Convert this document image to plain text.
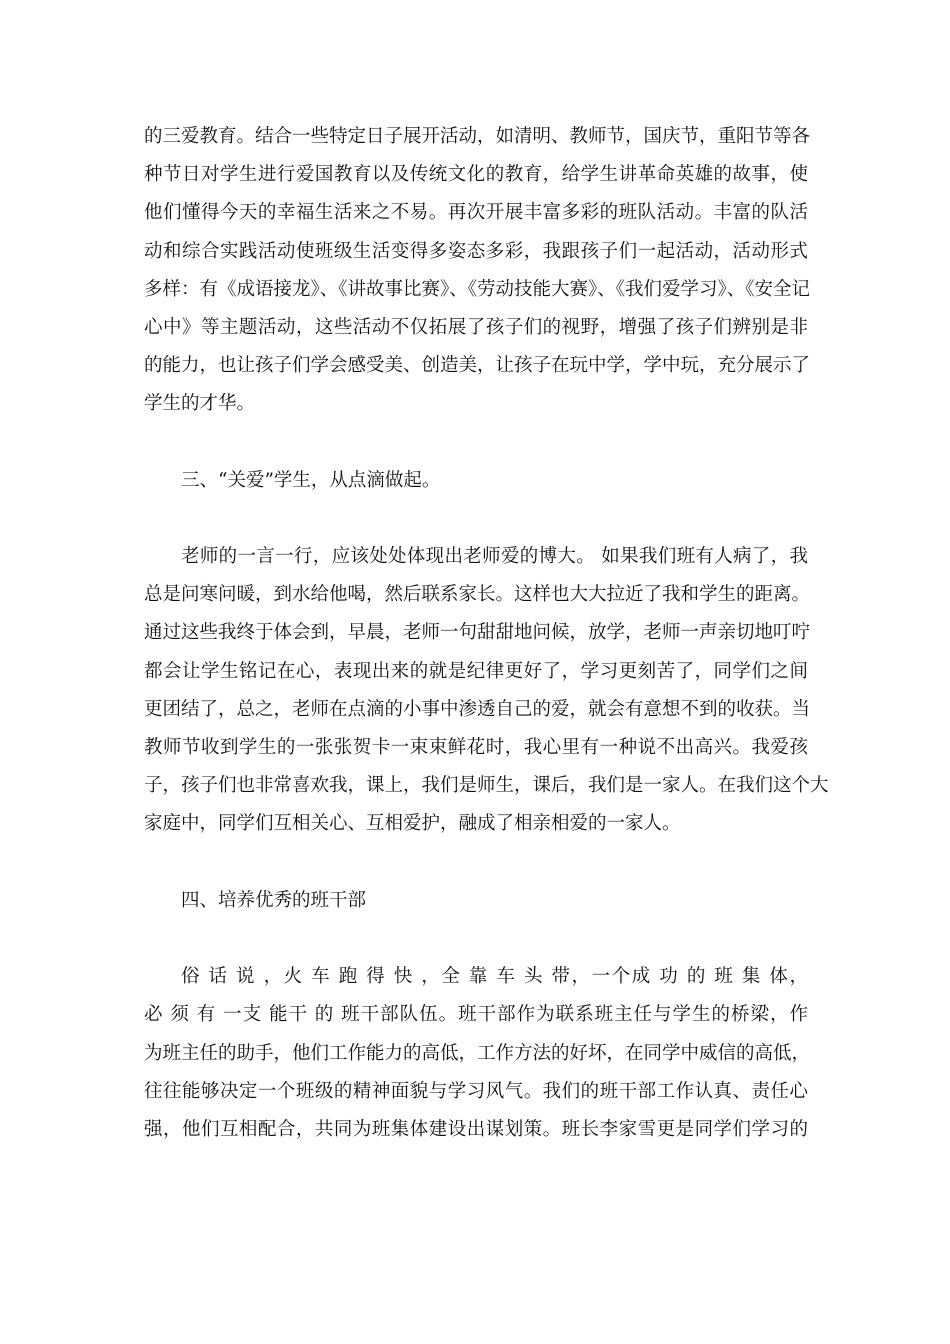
的三爱教育。结合一些特定日子展开活动，如清明、教师节，国庆节，重阳节等各
种节日对学生进行爱国教育以及传统文化的教育，给学生讲革命英雄的故事，使
他们懂得今天的幸福生活来之不易。再次开展丰富多彩的班队活动。丰富的队活
动和综合实践活动使班级生活变得多姿态多彩，我跟孩子们一起活动，活动形式
多样：有《成语接龙》、《讲故事比赛》、《劳动技能大赛》、《我们爱学习》、《安全记
心中》等主题活动，这些活动不仅拓展了孩子们的视野，增强了孩子们辨别是非
的能力，也让孩子们学会感受美、创造美，让孩子在玩中学，学中玩，充分展示了
学生的才华。
三、“关爱”学生，从点滴做起。
老师的一言一行，应该处处体现出老师爱的博大。 如果我们班有人病了，我
总是问寒问暖，到水给他喝，然后联系家长。这样也大大拉近了我和学生的距离。
通过这些我终于体会到，早晨，老师一句甜甜地问候，放学，老师一声亲切地叮咛
都会让学生铭记在心，表现出来的就是纪律更好了，学习更刻苦了，同学们之间
更团结了，总之，老师在点滴的小事中渗透自己的爱，就会有意想不到的收获。当
教师节收到学生的一张张贺卡一束束鲜花时，我心里有一种说不出高兴。我爱孩
子，孩子们也非常喜欢我，课上，我们是师生，课后，我们是一家人。在我们这个大
家庭中，同学们互相关心、互相爱护，融成了相亲相爱的一家人。
四、培养优秀的班干部
俗 话 说 ，火 车 跑 得 快 ，全 靠 车 头 带，一个成 功 的 班 集 体，
必 须 有 一支 能干 的 班干部队伍。班干部作为联系班主任与学生的桥梁，作
为班主任的助手，他们工作能力的高低，工作方法的好坏，在同学中威信的高低，
往往能够决定一个班级的精神面貌与学习风气。我们的班干部工作认真、责任心
强，他们互相配合，共同为班集体建设出谋划策。班长李家雪更是同学们学习的
